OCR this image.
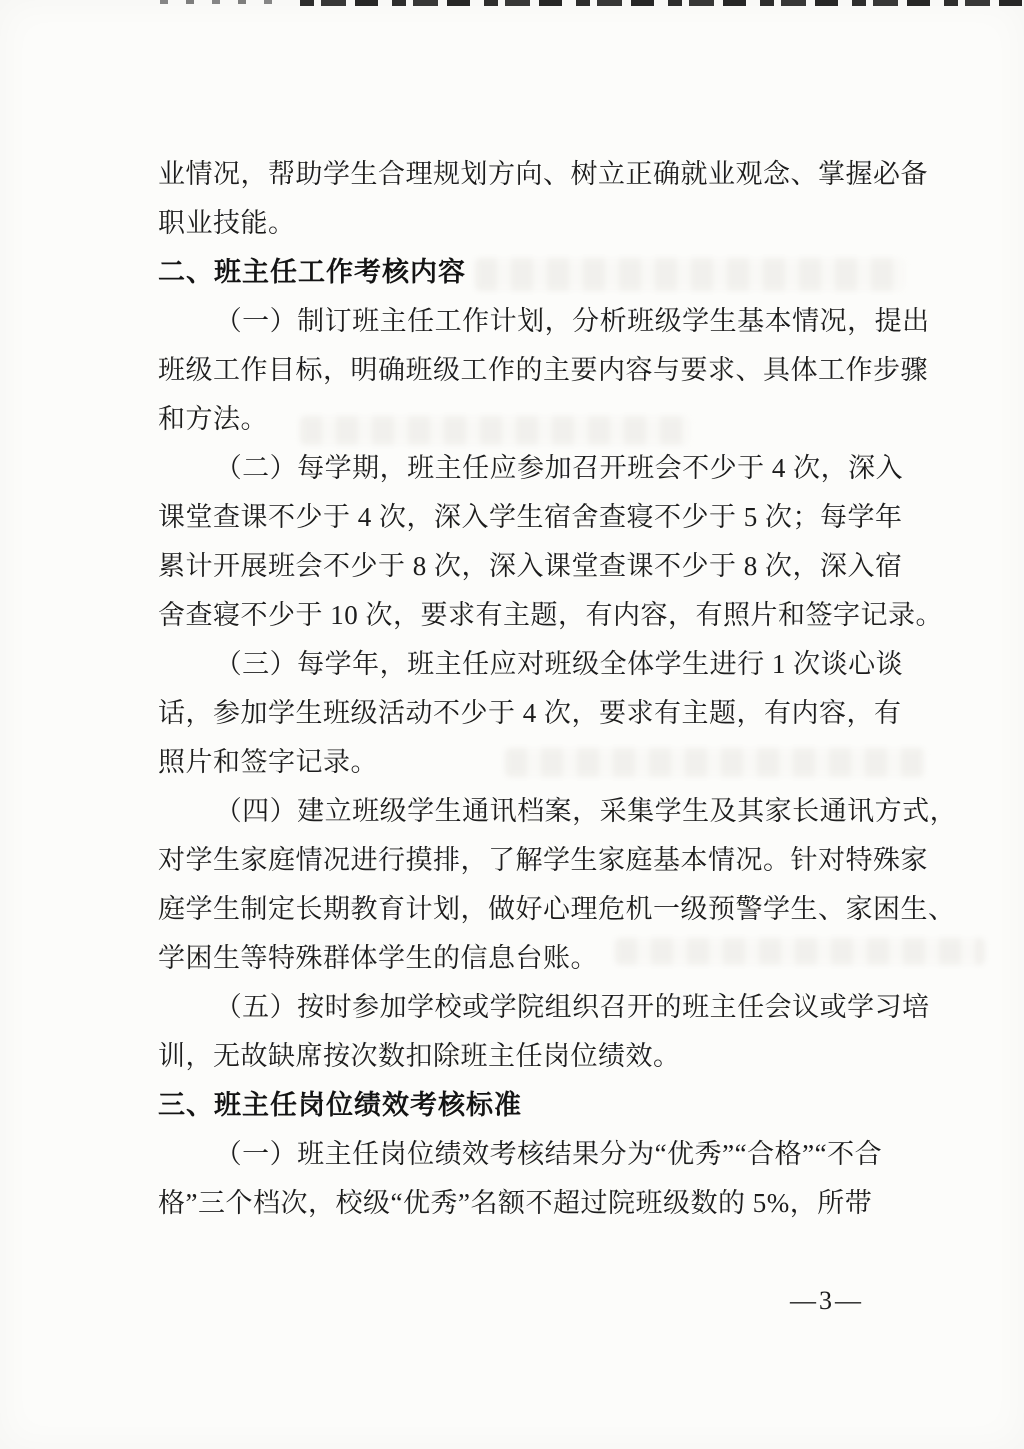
业情况，帮助学生合理规划方向、树立正确就业观念、掌握必备
职业技能。
二、班主任工作考核内容
（一）制订班主任工作计划，分析班级学生基本情况，提出
班级工作目标，明确班级工作的主要内容与要求、具体工作步骤
和方法。
（二）每学期，班主任应参加召开班会不少于 4 次，深入
课堂查课不少于 4 次，深入学生宿舍查寝不少于 5 次；每学年
累计开展班会不少于 8 次，深入课堂查课不少于 8 次，深入宿
舍查寝不少于 10 次，要求有主题，有内容，有照片和签字记录。
（三）每学年，班主任应对班级全体学生进行 1 次谈心谈
话，参加学生班级活动不少于 4 次，要求有主题，有内容，有
照片和签字记录。
（四）建立班级学生通讯档案，采集学生及其家长通讯方式，
对学生家庭情况进行摸排，了解学生家庭基本情况。针对特殊家
庭学生制定长期教育计划，做好心理危机一级预警学生、家困生、
学困生等特殊群体学生的信息台账。
（五）按时参加学校或学院组织召开的班主任会议或学习培
训，无故缺席按次数扣除班主任岗位绩效。
三、班主任岗位绩效考核标准
（一）班主任岗位绩效考核结果分为“优秀”“合格”“不合
格”三个档次，校级“优秀”名额不超过院班级数的 5%，所带
—3—
